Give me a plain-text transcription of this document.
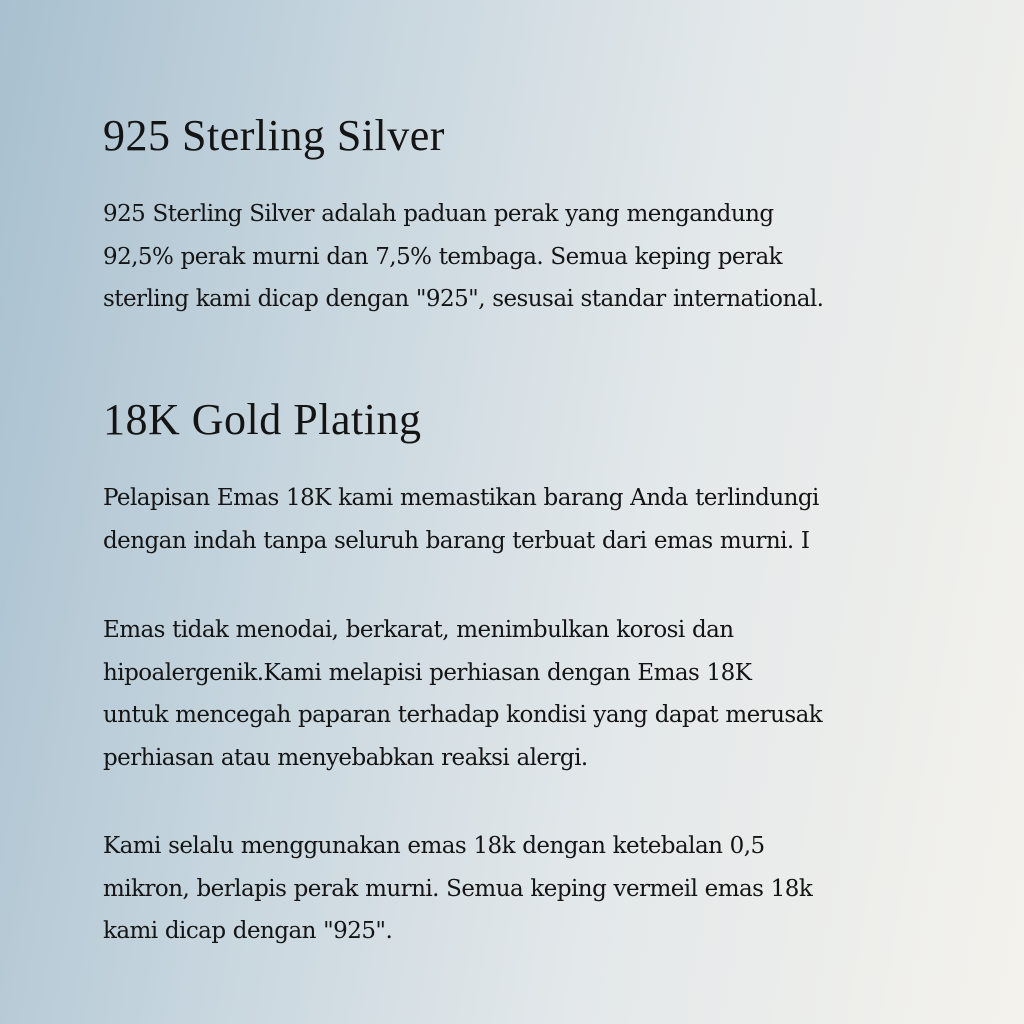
925 Sterling Silver

925 Sterling Silver adalah paduan perak yang mengandung
92,5% perak murni dan 7,5% tembaga. Semua keping perak
sterling kami dicap dengan "925", sesusai standar international.

18K Gold Plating

Pelapisan Emas 18K kami memastikan barang Anda terlindungi
dengan indah tanpa seluruh barang terbuat dari emas murni. I

Emas tidak menodai, berkarat, menimbulkan korosi dan
hipoalergenik.Kami melapisi perhiasan dengan Emas 18K
untuk mencegah paparan terhadap kondisi yang dapat merusak
perhiasan atau menyebabkan reaksi alergi.

Kami selalu menggunakan emas 18k dengan ketebalan 0,5
mikron, berlapis perak murni. Semua keping vermeil emas 18k
kami dicap dengan "925".
